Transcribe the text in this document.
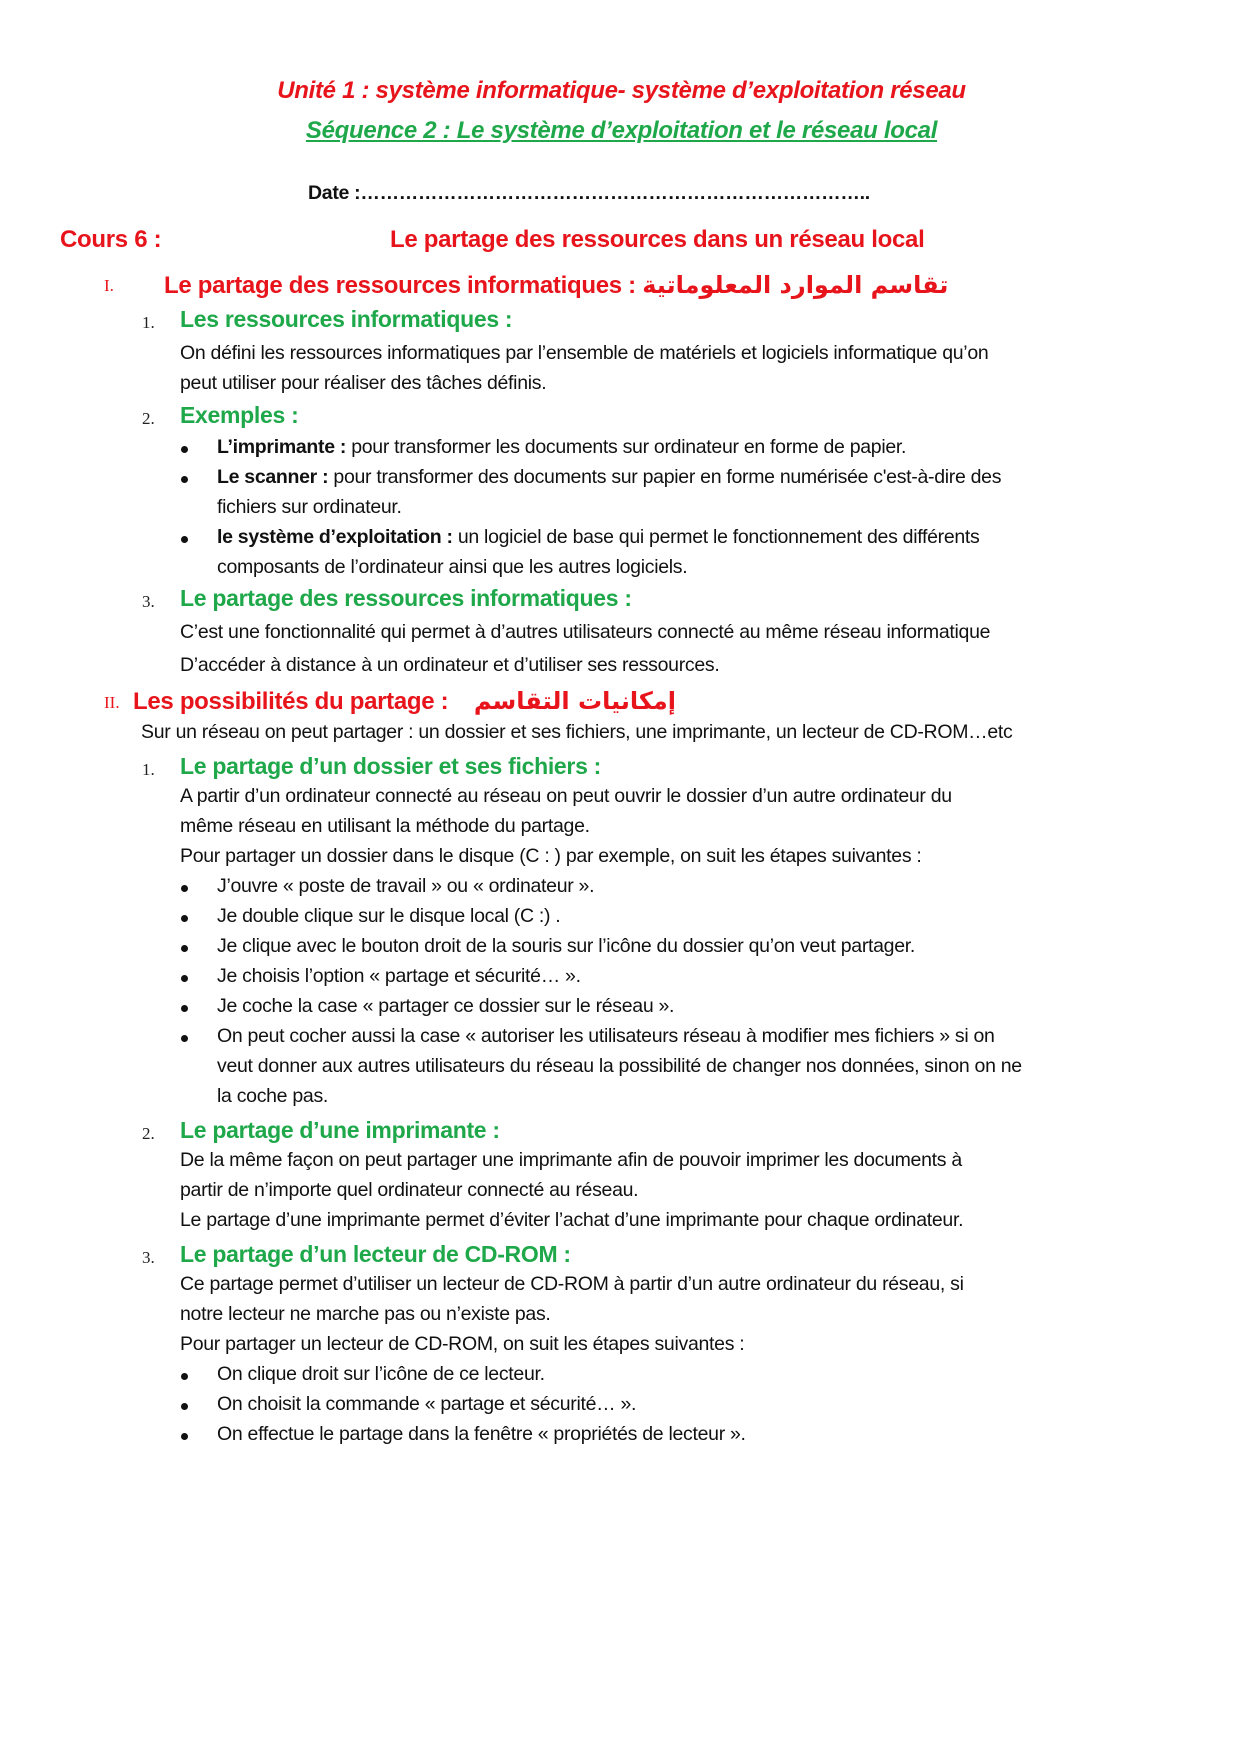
Unité 1 : système informatique- système d’exploitation réseau
Séquence 2 : Le système d’exploitation et le réseau local
Date :……………………………………………………………………..
Cours 6 :	Le partage des ressources dans un réseau local
I. Le partage des ressources informatiques : تقاسم الموارد المعلوماتية
1. Les ressources informatiques :
On défini les ressources informatiques par l’ensemble de matériels et logiciels informatique qu’on
peut utiliser pour réaliser des tâches définis.
2. Exemples :
L’imprimante : pour transformer les documents sur ordinateur en forme de papier.
Le scanner : pour transformer des documents sur papier en forme numérisée c'est-à-dire des
fichiers sur ordinateur.
le système d’exploitation : un logiciel de base qui permet le fonctionnement des différents
composants de l’ordinateur ainsi que les autres logiciels.
3. Le partage des ressources informatiques :
C’est une fonctionnalité qui permet à d’autres utilisateurs connecté au même réseau informatique
D’accéder à distance à un ordinateur et d’utiliser ses ressources.
II. Les possibilités du partage : إمكانيات التقاسم
Sur un réseau on peut partager : un dossier et ses fichiers, une imprimante, un lecteur de CD-ROM…etc
1. Le partage d’un dossier et ses fichiers :
A partir d’un ordinateur connecté au réseau on peut ouvrir le dossier d’un autre ordinateur du
même réseau en utilisant la méthode du partage.
Pour partager un dossier dans le disque (C : ) par exemple, on suit les étapes suivantes :
J’ouvre « poste de travail » ou « ordinateur ».
Je double clique sur le disque local (C :) .
Je clique avec le bouton droit de la souris sur l’icône du dossier qu’on veut partager.
Je choisis l’option « partage et sécurité… ».
Je coche la case « partager ce dossier sur le réseau ».
On peut cocher aussi la case « autoriser les utilisateurs réseau à modifier mes fichiers » si on
veut donner aux autres utilisateurs du réseau la possibilité de changer nos données, sinon on ne
la coche pas.
2. Le partage d’une imprimante :
De la même façon on peut partager une imprimante afin de pouvoir imprimer les documents à
partir de n’importe quel ordinateur connecté au réseau.
Le partage d’une imprimante permet d’éviter l’achat d’une imprimante pour chaque ordinateur.
3. Le partage d’un lecteur de CD-ROM :
Ce partage permet d’utiliser un lecteur de CD-ROM à partir d’un autre ordinateur du réseau, si
notre lecteur ne marche pas ou n’existe pas.
Pour partager un lecteur de CD-ROM, on suit les étapes suivantes :
On clique droit sur l’icône de ce lecteur.
On choisit la commande « partage et sécurité… ».
On effectue le partage dans la fenêtre « propriétés de lecteur ».
